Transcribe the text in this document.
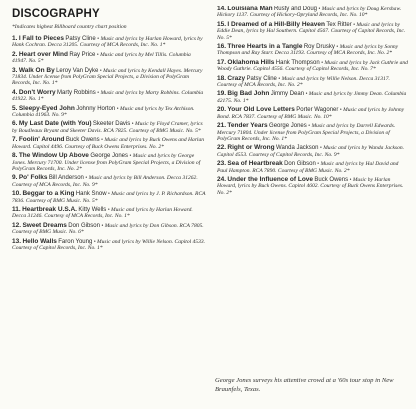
DISCOGRAPHY
*Indicates highest Billboard country chart position
1. I Fall to Pieces Patsy Cline • Music and lyrics by Harlan Howard, lyrics by Hank Cochran. Decca 31205. Courtesy of MCA Records, Inc. No. 1*
2. Heart over Mind Ray Price • Music and lyrics by Mel Tillis. Columbia 41947. No. 5*
3. Walk On By Leroy Van Dyke • Music and lyrics by Kendall Hayes. Mercury 71834. Under license from PolyGram Special Projects, a Division of PolyGram Records, Inc. No. 1*
4. Don't Worry Marty Robbins • Music and lyrics by Marty Robbins. Columbia 41922. No. 1*
5. Sleepy-Eyed John Johnny Horton • Music and lyrics by Tex Atchison. Columbia 41963. No. 9*
6. My Last Date (with You) Skeeter Davis • Music by Floyd Cramer, lyrics by Boudleaux Bryant and Skeeter Davis. RCA 7825. Courtesy of BMG Music. No. 5*
7. Foolin' Around Buck Owens • Music and lyrics by Buck Owens and Harlan Howard. Capitol 4496. Courtesy of Buck Owens Enterprises. No. 2*
8. The Window Up Above George Jones • Music and lyrics by George Jones. Mercury 71700. Under license from PolyGram Special Projects, a Division of PolyGram Records, Inc. No. 2*
9. Po' Folks Bill Anderson • Music and lyrics by Bill Anderson. Decca 31262. Courtesy of MCA Records, Inc. No. 9*
10. Beggar to a King Hank Snow • Music and lyrics by J. P. Richardson. RCA 7836. Courtesy of BMG Music. No. 5*
11. Heartbreak U.S.A. Kitty Wells • Music and lyrics by Harlan Howard. Decca 31246. Courtesy of MCA Records, Inc. No. 1*
12. Sweet Dreams Don Gibson • Music and lyrics by Don Gibson. RCA 7805. Courtesy of BMG Music. No. 6*
13. Hello Walls Faron Young • Music and lyrics by Willie Nelson. Capitol 4533. Courtesy of Capitol Records, Inc. No. 1*
14. Louisiana Man Rusty and Doug • Music and lyrics by Doug Kershaw. Hickory 1137. Courtesy of Hickory-Opryland Records, Inc. No. 10*
15. I Dreamed of a Hill-Billy Heaven Tex Ritter • Music and lyrics by Eddie Dean, lyrics by Hal Southern. Capitol 4567. Courtesy of Capitol Records, Inc. No. 5*
16. Three Hearts in a Tangle Roy Drusky • Music and lyrics by Sonny Thompson and Ray Starr. Decca 31193. Courtesy of MCA Records, Inc. No. 2*
17. Oklahoma Hills Hank Thompson • Music and lyrics by Jack Guthrie and Woody Guthrie. Capitol 4556. Courtesy of Capitol Records, Inc. No. 7*
18. Crazy Patsy Cline • Music and lyrics by Willie Nelson. Decca 31317. Courtesy of MCA Records, Inc. No. 2*
19. Big Bad John Jimmy Dean • Music and lyrics by Jimmy Dean. Columbia 42175. No. 1*
20. Your Old Love Letters Porter Wagoner • Music and lyrics by Johnny Bond. RCA 7837. Courtesy of BMG Music. No. 10*
21. Tender Years George Jones • Music and lyrics by Darrell Edwards. Mercury 71804. Under license from PolyGram Special Projects, a Division of PolyGram Records, Inc. No. 1*
22. Right or Wrong Wanda Jackson • Music and lyrics by Wanda Jackson. Capitol 4553. Courtesy of Capitol Records, Inc. No. 9*
23. Sea of Heartbreak Don Gibson • Music and lyrics by Hal David and Paul Hampton. RCA 7890. Courtesy of BMG Music. No. 2*
24. Under the Influence of Love Buck Owens • Music by Harlan Howard, lyrics by Buck Owens. Capitol 4602. Courtesy of Buck Owens Enterprises. No. 2*
George Jones surveys his attentive crowd at a '60s tour stop in New Braunfels, Texas.
